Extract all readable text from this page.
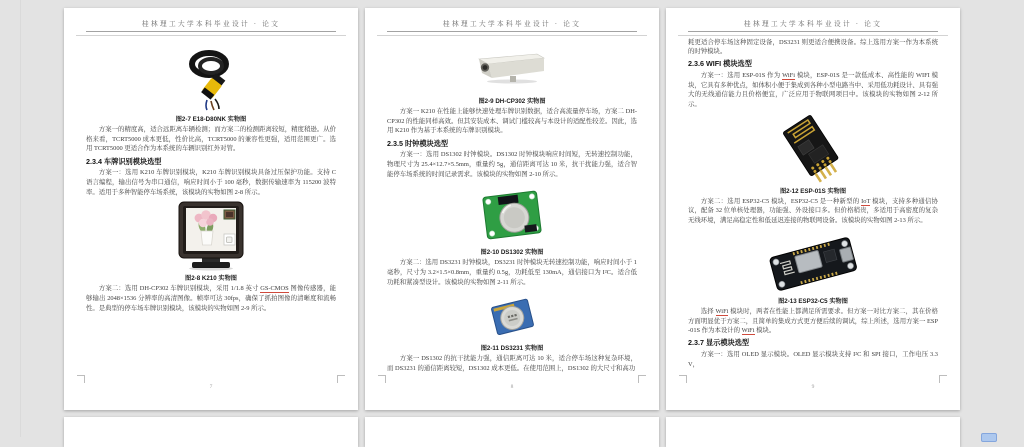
桂林理工大学本科毕业设计 · 论文
图2-7 E18-D80NK 实物图

方案一的精度高，适合远距离车辆检测；而方案二的检测距离较短，精度稍逊。从价格来看，TCRT5000 成本更低，性价比高，TCRT5000 的兼容性更强，适用范围更广。选用 TCRT5000 更适合作为本系统的车辆识别红外对管。

2.3.4 车牌识别模块选型

方案一：选用 K210 车牌识别模块，K210 车牌识别模块具备过压保护功能。支持 C 语言编程，输出信号为串口通信，响应时间小于 100 毫秒，数据传输速率为 115200 波特率。适用于多种智能停车场系统，该模块的实物如图 2-8 所示。

图2-8 K210 实物图

方案二：选用 DH-CP302 车牌识别模块，采用 1/1.8 英寸 GS-CMOS 图像传感器，能够输出 2048×1536 分辨率的高清图像。帧率可达 30fps，确保了抓拍图像的清晰度和流畅性。是典型的停车场车牌识别模块，该模块的实物如图 2-9 所示。

7
桂林理工大学本科毕业设计 · 论文
图2-9 DH-CP302 实物图

方案一 K210 在性能上能够快速处理车牌识别数据，适合高流量停车场，方案二 DH-CP302 的性能同样高效。但其安装成本、调试门槛较高与本设计的适配性较差。因此，选用 K210 作为基于本系统的车牌识别模块。

2.3.5 时钟模块选型

方案一：选用 DS1302 时钟模块。DS1302 时钟模块响应时间短，无转速控制功能，物理尺寸为 25.4×12.7×5.5mm，重量约 5g，通信距离可达 10 米，抗干扰能力强，适合智能停车场系统的时间记录需求。该模块的实物如图 2-10 所示。

图2-10 DS1302 实物图

方案二：选用 DS3231 时钟模块，DS3231 时钟模块无转速控制功能，响应时间小于 1 毫秒，尺寸为 3.2×1.5×0.8mm，重量约 0.5g，功耗低至 130mA，通信接口为 I²C。适合低功耗和紧凑型设计。该模块的实物如图 2-11 所示。

图2-11 DS3231 实物图

方案一 DS1302 的抗干扰能力强，通信距离可达 10 米，适合停车场这种复杂环境，而 DS3231 的通信距离较短，DS1302 成本更低。在使用范围上，DS1302 的大尺寸和高功

8
桂林理工大学本科毕业设计 · 论文

耗更适合停车场这种固定设备，DS3231 则更适合便携设备。综上选用方案一作为本系统的时钟模块。

2.3.6 WIFI 模块选型

方案一：选用 ESP-01S 作为 WiFi 模块，ESP-01S 是一款低成本、高性能的 WIFI 模块，它具有多种优点，如体积小便于集成到各种小型电路当中、采用低功耗设计、具有强大的无线通信能力且价格便宜，广泛应用于物联网项目中。该模块的实物如图 2-12 所示。

图2-12 ESP-01S 实物图

方案二：选用 ESP32-C5 模块，ESP32-C5 是一种新型的 IoT 模块，支持多种通信协议，配备 32 位单核处理器，功能强、外设接口多。但价格稍贵，多适用于高密度的复杂无线环境，满足高稳定性和低延迟连接的物联网设备。该模块的实物如图 2-13 所示。

图2-13 ESP32-C5 实物图

选择 WiFi 模块时，两者在性能上都满足所需要求。但方案一对比方案二，其在价格方面明显优于方案二，且简单的集成方式更方便后续的调试，综上所述，选用方案一 ESP-01S 作为本设计的 WiFi 模块。

2.3.7 显示模块选型

方案一：选用 OLED 显示模块。OLED 显示模块支持 I²C 和 SPI 接口，工作电压 3.3V，

9
